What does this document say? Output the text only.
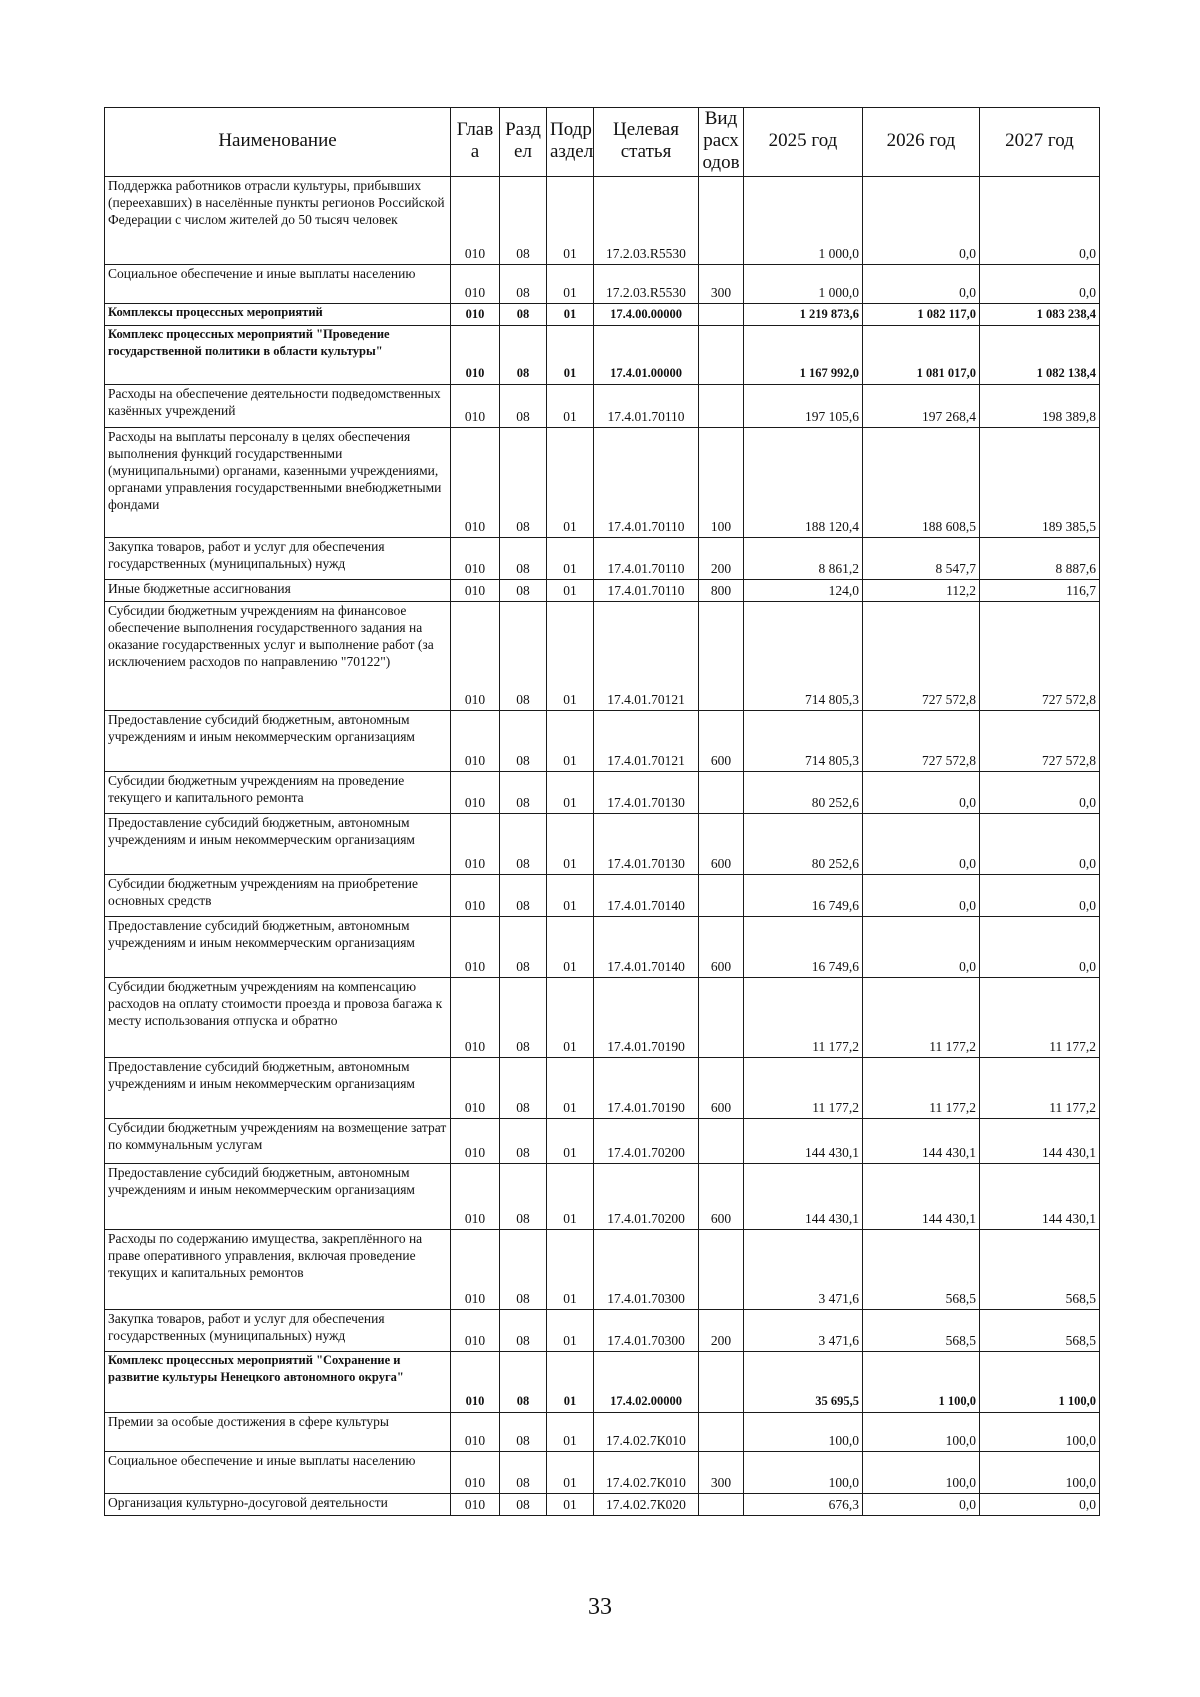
Наименование	Глав а	Разд ел	Подр аздел	Целевая статья	Вид расх одов	2025 год	2026 год	2027 год
Поддержка работников отрасли культуры, прибывших (переехавших) в населённые пункты регионов Российской Федерации с числом жителей до 50 тысяч человек	010	08	01	17.2.03.R5530		1 000,0	0,0	0,0
Социальное обеспечение и иные выплаты населению	010	08	01	17.2.03.R5530	300	1 000,0	0,0	0,0
Комплексы процессных мероприятий	010	08	01	17.4.00.00000		1 219 873,6	1 082 117,0	1 083 238,4
Комплекс процессных мероприятий "Проведение государственной политики в области культуры"	010	08	01	17.4.01.00000		1 167 992,0	1 081 017,0	1 082 138,4
Расходы на обеспечение деятельности подведомственных казённых учреждений	010	08	01	17.4.01.70110		197 105,6	197 268,4	198 389,8
Расходы на выплаты персоналу в целях обеспечения выполнения функций государственными (муниципальными) органами, казенными учреждениями, органами управления государственными внебюджетными фондами	010	08	01	17.4.01.70110	100	188 120,4	188 608,5	189 385,5
Закупка товаров, работ и услуг для обеспечения государственных (муниципальных) нужд	010	08	01	17.4.01.70110	200	8 861,2	8 547,7	8 887,6
Иные бюджетные ассигнования	010	08	01	17.4.01.70110	800	124,0	112,2	116,7
Субсидии бюджетным учреждениям на финансовое обеспечение выполнения государственного задания на оказание государственных услуг и выполнение работ (за исключением расходов по направлению "70122")	010	08	01	17.4.01.70121		714 805,3	727 572,8	727 572,8
Предоставление субсидий бюджетным, автономным учреждениям и иным некоммерческим организациям	010	08	01	17.4.01.70121	600	714 805,3	727 572,8	727 572,8
Субсидии бюджетным учреждениям на проведение текущего и капитального ремонта	010	08	01	17.4.01.70130		80 252,6	0,0	0,0
Предоставление субсидий бюджетным, автономным учреждениям и иным некоммерческим организациям	010	08	01	17.4.01.70130	600	80 252,6	0,0	0,0
Субсидии бюджетным учреждениям на приобретение основных средств	010	08	01	17.4.01.70140		16 749,6	0,0	0,0
Предоставление субсидий бюджетным, автономным учреждениям и иным некоммерческим организациям	010	08	01	17.4.01.70140	600	16 749,6	0,0	0,0
Субсидии бюджетным учреждениям на компенсацию расходов на оплату стоимости проезда и провоза багажа к месту использования отпуска и обратно	010	08	01	17.4.01.70190		11 177,2	11 177,2	11 177,2
Предоставление субсидий бюджетным, автономным учреждениям и иным некоммерческим организациям	010	08	01	17.4.01.70190	600	11 177,2	11 177,2	11 177,2
Субсидии бюджетным учреждениям на возмещение затрат по коммунальным услугам	010	08	01	17.4.01.70200		144 430,1	144 430,1	144 430,1
Предоставление субсидий бюджетным, автономным учреждениям и иным некоммерческим организациям	010	08	01	17.4.01.70200	600	144 430,1	144 430,1	144 430,1
Расходы по содержанию имущества, закреплённого на праве оперативного управления, включая проведение текущих и капитальных ремонтов	010	08	01	17.4.01.70300		3 471,6	568,5	568,5
Закупка товаров, работ и услуг для обеспечения государственных (муниципальных) нужд	010	08	01	17.4.01.70300	200	3 471,6	568,5	568,5
Комплекс процессных мероприятий "Сохранение и развитие культуры Ненецкого автономного округа"	010	08	01	17.4.02.00000		35 695,5	1 100,0	1 100,0
Премии за особые достижения в сфере культуры	010	08	01	17.4.02.7К010		100,0	100,0	100,0
Социальное обеспечение и иные выплаты населению	010	08	01	17.4.02.7К010	300	100,0	100,0	100,0
Организация культурно-досуговой деятельности	010	08	01	17.4.02.7К020		676,3	0,0	0,0
33
